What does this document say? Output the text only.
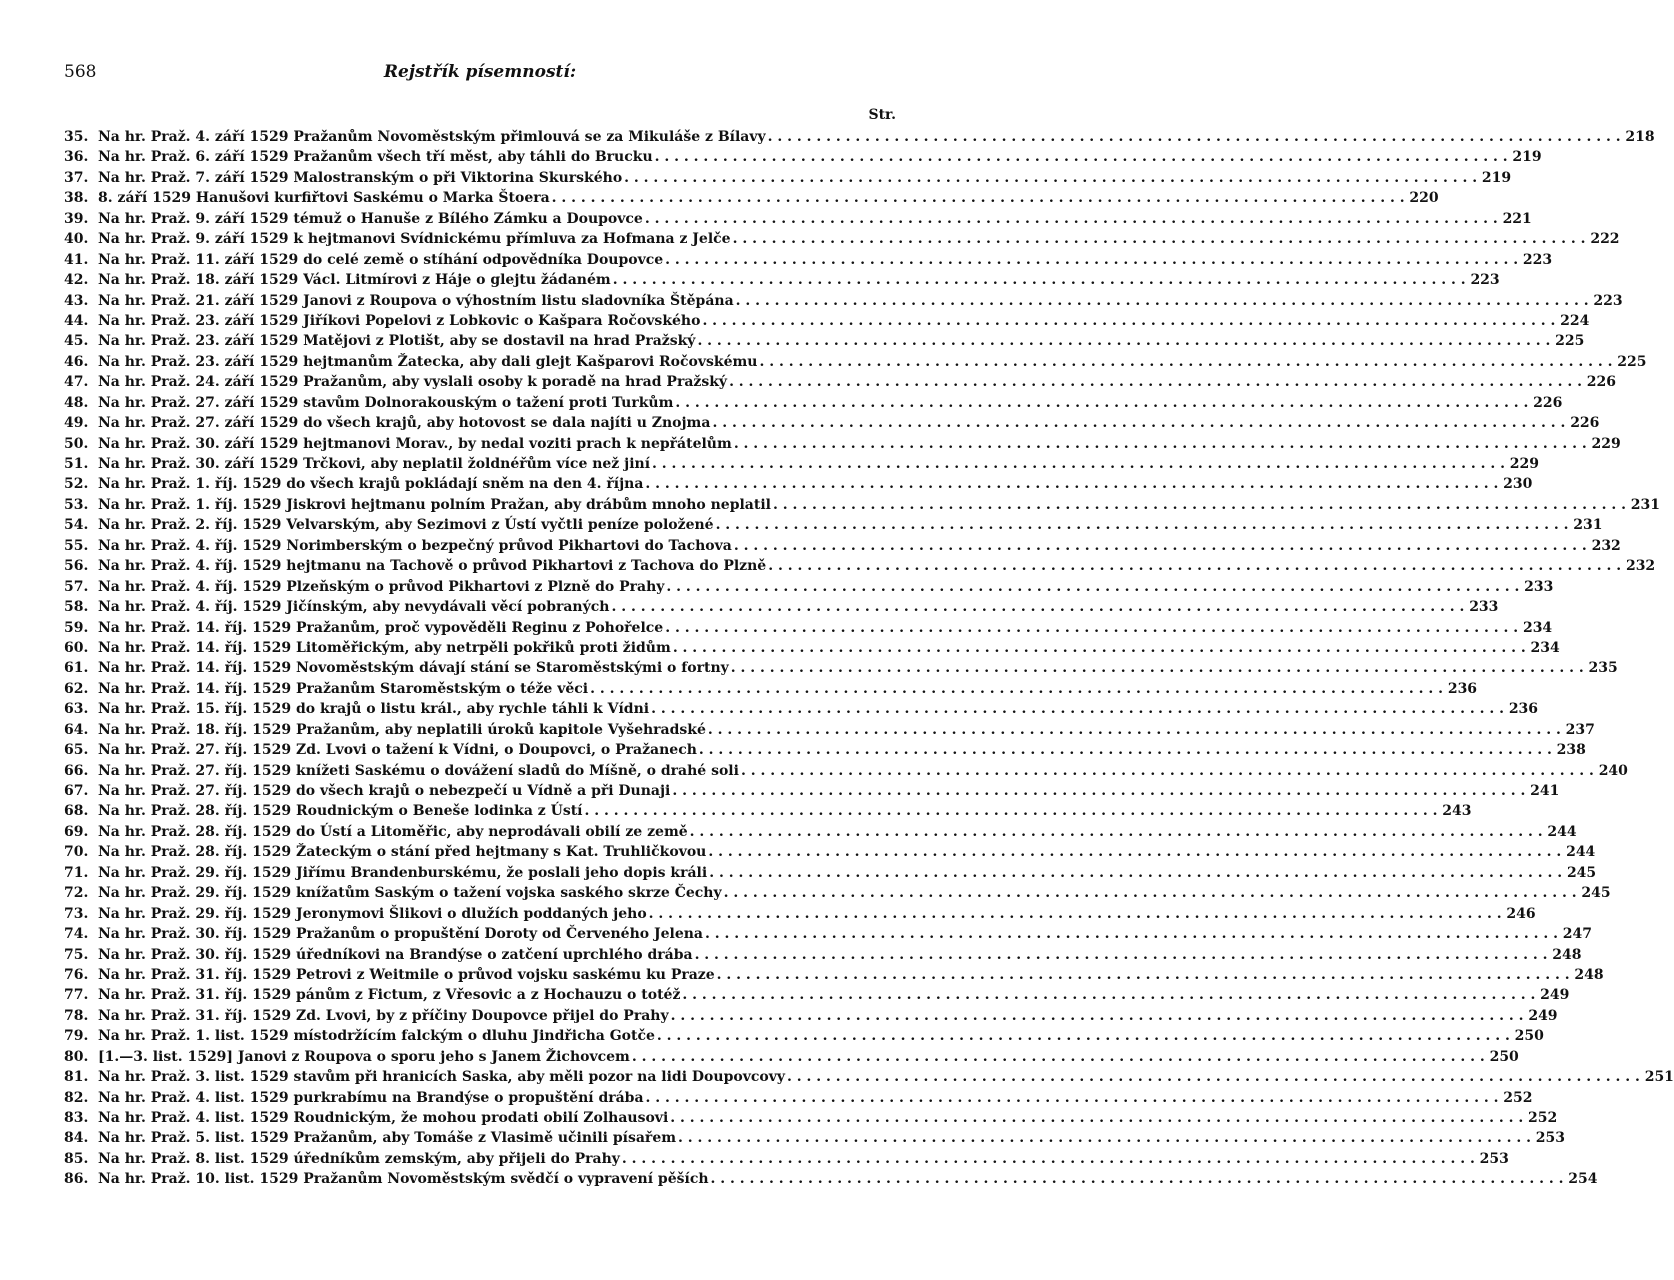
568	Rejstřík písemností:
Str.
35. Na hr. Praž. 4. září 1529 Pražanům Novoměstským přimlouvá se za Mikuláše z Bílavy . . .	218
36. Na hr. Praž. 6. září 1529 Pražanům všech tří měst, aby táhli do Brucku . . .	219
37. Na hr. Praž. 7. září 1529 Malostranským o při Viktorina Skurského . . .	219
38. 8. září 1529 Hanušovi kurfiřtovi Saskému o Marka Štoera . . .	220
39. Na hr. Praž. 9. září 1529 témuž o Hanuše z Bílého Zámku a Doupovce . . .	221
40. Na hr. Praž. 9. září 1529 k hejtmanovi Svídnickému přímluva za Hofmana z Jelče . . .	222
41. Na hr. Praž. 11. září 1529 do celé země o stíhání odpovědníka Doupovce . . .	223
42. Na hr. Praž. 18. září 1529 Václ. Litmírovi z Háje o glejtu žádaném . . .	223
43. Na hr. Praž. 21. září 1529 Janovi z Roupova o výhostním listu sladovníka Štěpána . . .	223
44. Na hr. Praž. 23. září 1529 Jiříkovi Popelovi z Lobkovic o Kašpara Ročovského . . .	224
45. Na hr. Praž. 23. září 1529 Matějovi z Plotišt, aby se dostavil na hrad Pražský . . .	225
46. Na hr. Praž. 23. září 1529 hejtmanům Žatecka, aby dali glejt Kašparovi Ročovskému . . .	225
47. Na hr. Praž. 24. září 1529 Pražanům, aby vyslali osoby k poradě na hrad Pražský . . .	226
48. Na hr. Praž. 27. září 1529 stavům Dolnorakouským o tažení proti Turkům . . .	226
49. Na hr. Praž. 27. září 1529 do všech krajů, aby hotovost se dala najíti u Znojma . . .	226
50. Na hr. Praž. 30. září 1529 hejtmanovi Morav., by nedal voziti prach k nepřátelům . . .	229
51. Na hr. Praž. 30. září 1529 Trčkovi, aby neplatil žoldnéřům více než jiní . . .	229
52. Na hr. Praž. 1. říj. 1529 do všech krajů pokládají sněm na den 4. října . . .	230
53. Na hr. Praž. 1. říj. 1529 Jiskrovi hejtmanu polním Pražan, aby drábům mnoho neplatil . . .	231
54. Na hr. Praž. 2. říj. 1529 Velvarským, aby Sezimovi z Ústí vyčtli peníze položené . . .	231
55. Na hr. Praž. 4. říj. 1529 Norimberským o bezpečný průvod Pikhartovi do Tachova . . .	232
56. Na hr. Praž. 4. říj. 1529 hejtmanu na Tachově o průvod Pikhartovi z Tachova do Plzně . . .	232
57. Na hr. Praž. 4. říj. 1529 Plzeňským o průvod Pikhartovi z Plzně do Prahy . . .	233
58. Na hr. Praž. 4. říj. 1529 Jičínským, aby nevydávali věcí pobraných . . .	233
59. Na hr. Praž. 14. říj. 1529 Pražanům, proč vypověděli Reginu z Pohořelce . . .	234
60. Na hr. Praž. 14. říj. 1529 Litoměřickým, aby netrpěli pokřiků proti židům . . .	234
61. Na hr. Praž. 14. říj. 1529 Novoměstským dávají stání se Staroměstskými o fortny . . .	235
62. Na hr. Praž. 14. říj. 1529 Pražanům Staroměstským o téže věci . . .	236
63. Na hr. Praž. 15. říj. 1529 do krajů o listu král., aby rychle táhli k Vídni . . .	236
64. Na hr. Praž. 18. říj. 1529 Pražanům, aby neplatili úroků kapitole Vyšehradské . . .	237
65. Na hr. Praž. 27. říj. 1529 Zd. Lvovi o tažení k Vídni, o Doupovci, o Pražanech . . .	238
66. Na hr. Praž. 27. říj. 1529 knížeti Saskému o dovážení sladů do Míšně, o drahé soli . . .	240
67. Na hr. Praž. 27. říj. 1529 do všech krajů o nebezpečí u Vídně a při Dunaji . . .	241
68. Na hr. Praž. 28. říj. 1529 Roudnickým o Beneše lodinka z Ústí . . .	243
69. Na hr. Praž. 28. říj. 1529 do Ústí a Litoměřic, aby neprodávali obilí ze země . . .	244
70. Na hr. Praž. 28. říj. 1529 Žateckým o stání před hejtmany s Kat. Truhličkovou . . .	244
71. Na hr. Praž. 29. říj. 1529 Jiřímu Brandenburskému, že poslali jeho dopis králi . . .	245
72. Na hr. Praž. 29. říj. 1529 knížatům Saským o tažení vojska saského skrze Čechy . . .	245
73. Na hr. Praž. 29. říj. 1529 Jeronymovi Šlikovi o dlužích poddaných jeho . . .	246
74. Na hr. Praž. 30. říj. 1529 Pražanům o propuštění Doroty od Červeného Jelena . . .	247
75. Na hr. Praž. 30. říj. 1529 úředníkovi na Brandýse o zatčení uprchlého drába . . .	248
76. Na hr. Praž. 31. říj. 1529 Petrovi z Weitmile o průvod vojsku saskému ku Praze . . .	248
77. Na hr. Praž. 31. říj. 1529 pánům z Fictum, z Vřesovic a z Hochauzu o totéž . . .	249
78. Na hr. Praž. 31. říj. 1529 Zd. Lvovi, by z příčiny Doupovce přijel do Prahy . . .	249
79. Na hr. Praž. 1. list. 1529 místodržícím falckým o dluhu Jindřicha Gotče . . .	250
80. [1.—3. list. 1529] Janovi z Roupova o sporu jeho s Janem Žichovcem . . .	250
81. Na hr. Praž. 3. list. 1529 stavům při hranicích Saska, aby měli pozor na lidi Doupovcovy . . .	251
82. Na hr. Praž. 4. list. 1529 purkrabímu na Brandýse o propuštění drába . . .	252
83. Na hr. Praž. 4. list. 1529 Roudnickým, že mohou prodati obilí Zolhausovi . . .	252
84. Na hr. Praž. 5. list. 1529 Pražanům, aby Tomáše z Vlasimě učinili písařem . . .	253
85. Na hr. Praž. 8. list. 1529 úředníkům zemským, aby přijeli do Prahy . . .	253
86. Na hr. Praž. 10. list. 1529 Pražanům Novoměstským svědčí o vypravení pěších . . .	254
